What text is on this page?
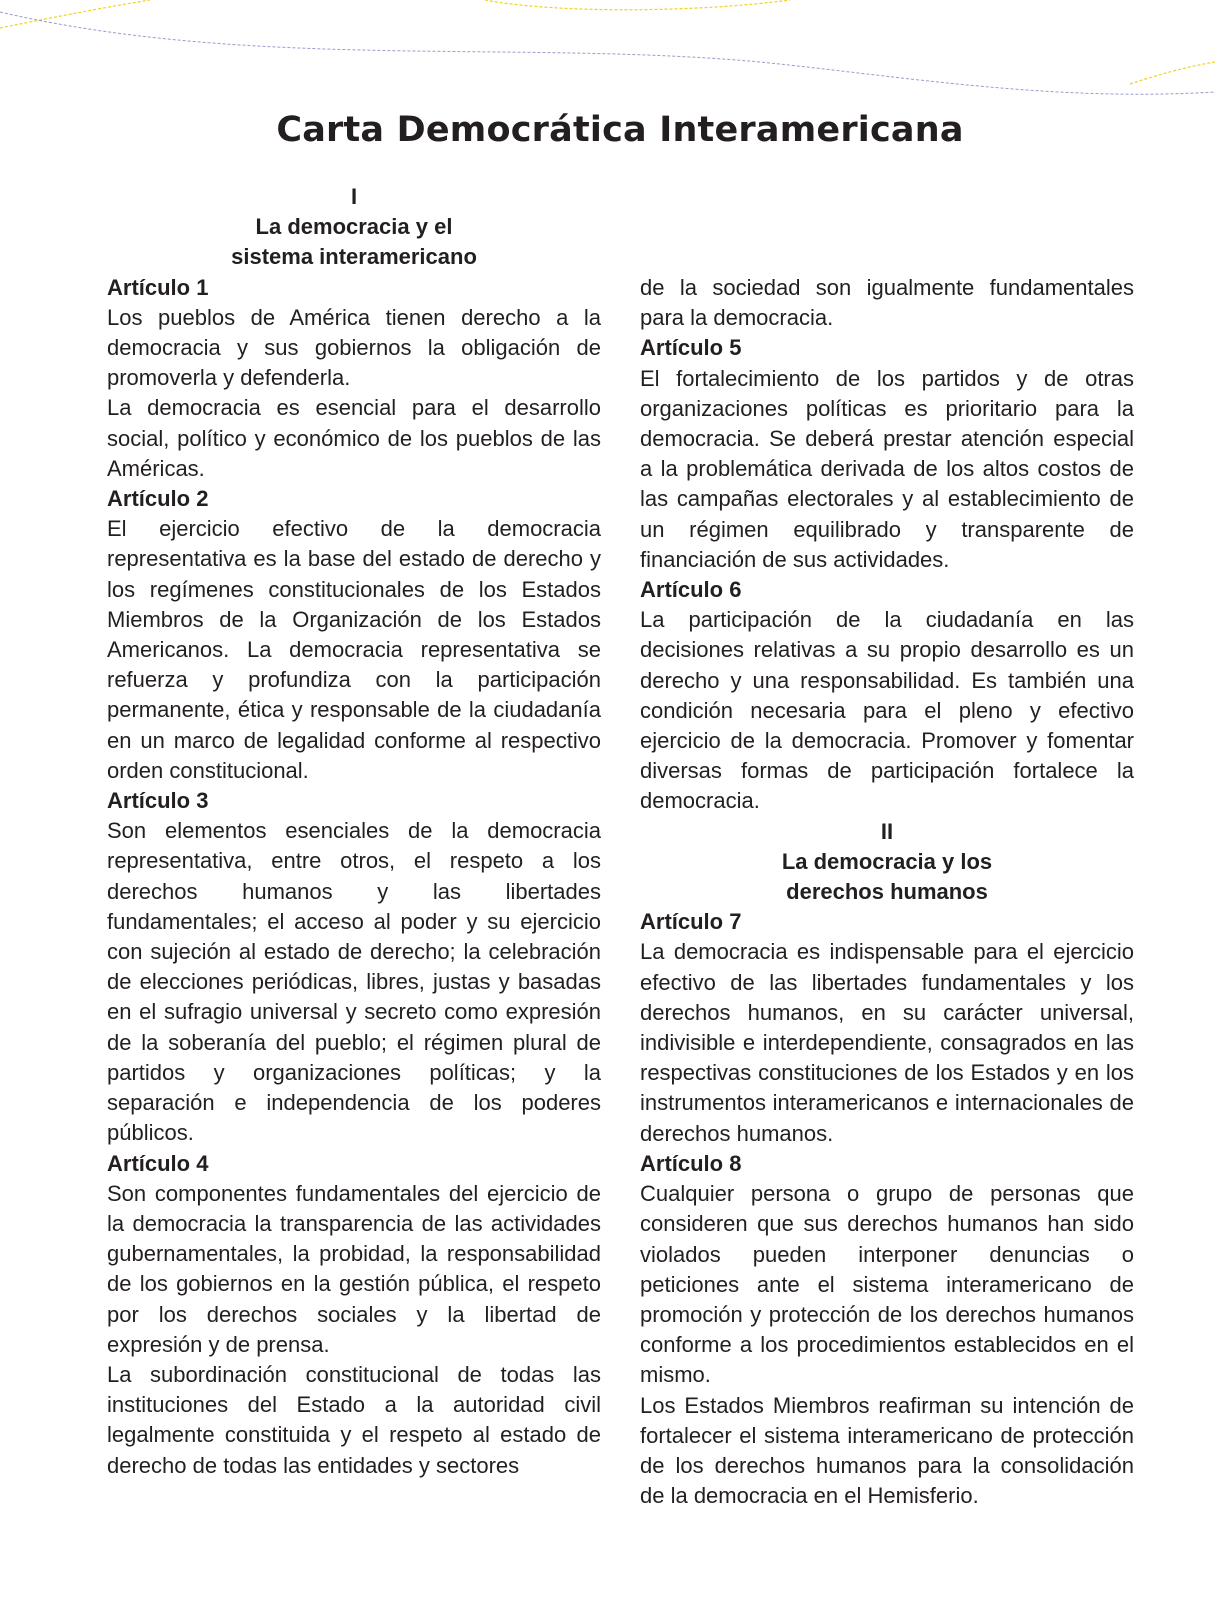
Carta Democrática Interamericana

I

La democracia y el

sistema interamericano

Artículo 1

Los pueblos de América tienen derecho a la democracia y sus gobiernos la obligación de promoverla y defenderla.

La democracia es esencial para el desarrollo social, político y económico de los pueblos de las Américas.

Artículo 2

El ejercicio efectivo de la democracia representativa es la base del estado de derecho y los regímenes constitucionales de los Estados Miembros de la Organización de los Estados Americanos. La democracia representativa se refuerza y profundiza con la participación permanente, ética y responsable de la ciudadanía en un marco de legalidad conforme al respectivo orden constitucional.

Artículo 3

Son elementos esenciales de la democracia representativa, entre otros, el respeto a los derechos humanos y las libertades fundamentales; el acceso al poder y su ejercicio con sujeción al estado de derecho; la celebración de elecciones periódicas, libres, justas y basadas en el sufragio universal y secreto como expresión de la soberanía del pueblo; el régimen plural de partidos y organizaciones políticas; y la separación e independencia de los poderes públicos.

Artículo 4

Son componentes fundamentales del ejercicio de la democracia la transparencia de las actividades gubernamentales, la probidad, la responsabilidad de los gobiernos en la gestión pública, el respeto por los derechos sociales y la libertad de expresión y de prensa.

La subordinación constitucional de todas las instituciones del Estado a la autoridad civil legalmente constituida y el respeto al estado de derecho de todas las entidades y sectores

de la sociedad son igualmente fundamentales para la democracia.

Artículo 5

El fortalecimiento de los partidos y de otras organizaciones políticas es prioritario para la democracia. Se deberá prestar atención especial a la problemática derivada de los altos costos de las campañas electorales y al establecimiento de un régimen equilibrado y transparente de financiación de sus actividades.

Artículo 6

La participación de la ciudadanía en las decisiones relativas a su propio desarrollo es un derecho y una responsabilidad. Es también una condición necesaria para el pleno y efectivo ejercicio de la democracia. Promover y fomentar diversas formas de participación fortalece la democracia.

II

La democracia y los

derechos humanos

Artículo 7

La democracia es indispensable para el ejercicio efectivo de las libertades fundamentales y los derechos humanos, en su carácter universal, indivisible e interdependiente, consagrados en las respectivas constituciones de los Estados y en los instrumentos interamericanos e internacionales de derechos humanos.

Artículo 8

Cualquier persona o grupo de personas que consideren que sus derechos humanos han sido violados pueden interponer denuncias o peticiones ante el sistema interamericano de promoción y protección de los derechos humanos conforme a los procedimientos establecidos en el mismo.

Los Estados Miembros reafirman su intención de fortalecer el sistema interamericano de protección de los derechos humanos para la consolidación de la democracia en el Hemisferio.
